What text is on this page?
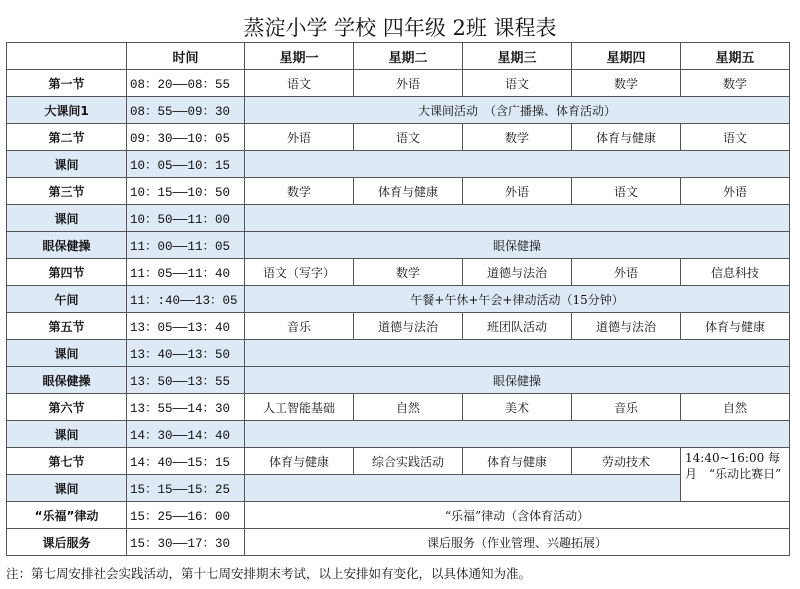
蒸淀小学 学校 四年级 2班 课程表
	时间	星期一	星期二	星期三	星期四	星期五
第一节	08：20——08：55	语文	外语	语文	数学	数学
大课间1	08：55——09：30	大课间活动　（含广播操、体育活动）				
第二节	09：30——10：05	外语	语文	数学	体育与健康	语文
课间	10：05——10：15					
第三节	10：15——10：50	数学	体育与健康	外语	语文	外语
课间	10：50——11：00					
眼保健操	11：00——11：05	眼保健操				
第四节	11：05——11：40	语文（写字）	数学	道德与法治	外语	信息科技
午间	11：:40——13：05	午餐+午休+午会+律动活动（15分钟）				
第五节	13：05——13：40	音乐	道德与法治	班团队活动	道德与法治	体育与健康
课间	13：40——13：50					
眼保健操	13：50——13：55	眼保健操				
第六节	13：55——14：30	人工智能基础	自然	美术	音乐	自然
课间	14：30——14：40					
第七节	14：40——15：15	体育与健康	综合实践活动	体育与健康	劳动技术	14:40~16:00 每月　“乐动比赛日”
课间	15：15——15：25					
“乐福”律动	15：25——16：00	“乐福”律动（含体育活动）				
课后服务	15：30——17：30	课后服务（作业管理、兴趣拓展）				
注：第七周安排社会实践活动，第十七周安排期末考试，以上安排如有变化，以具体通知为准。
